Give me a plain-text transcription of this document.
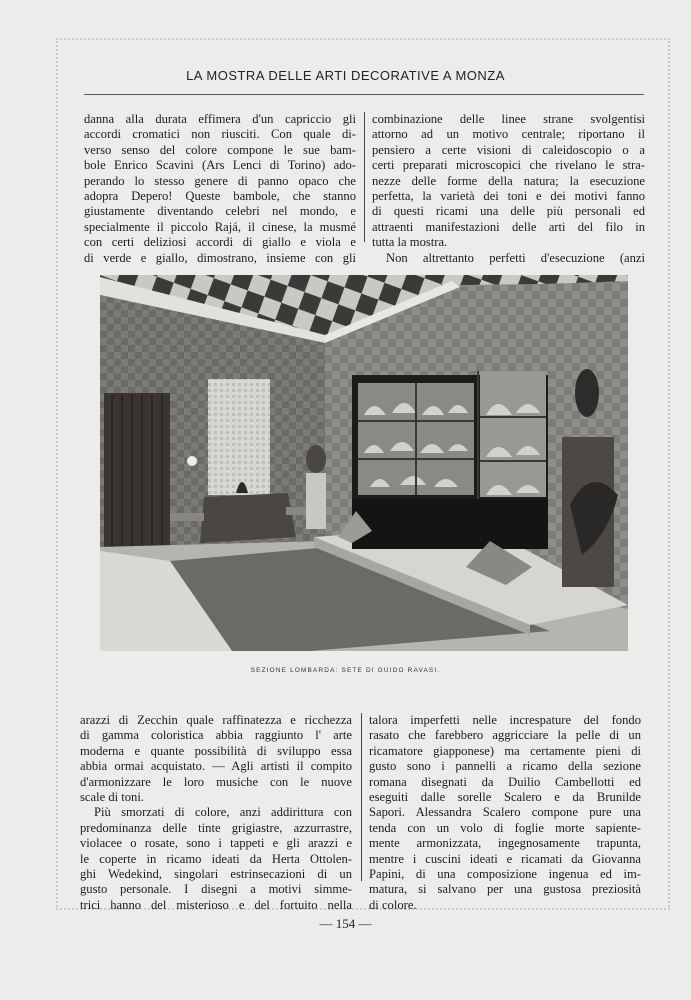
LA MOSTRA DELLE ARTI DECORATIVE A MONZA

danna alla durata effimera d'un capriccio gli

accordi cromatici non riusciti. Con quale di-

verso senso del colore compone le sue bam-

bole Enrico Scavini (Ars Lenci di Torino) ado-

perando lo stesso genere di panno opaco che

adopra Depero! Queste bambole, che stanno

giustamente diventando celebri nel mondo, e

specialmente il piccolo Rajá, il cinese, la musmé

con certi deliziosi accordi di giallo e viola e

di verde e giallo, dimostrano, insieme con gli

combinazione delle linee strane svolgentisi

attorno ad un motivo centrale; riportano il

pensiero a certe visioni di caleidoscopio o a

certi preparati microscopici che rivelano le stra-

nezze delle forme della natura; la esecuzione

perfetta, la varietà dei toni e dei motivi fanno

di questi ricami una delle più personali ed

attraenti manifestazioni delle arti del filo in

tutta la mostra.

Non altrettanto perfetti d'esecuzione (anzi

SEZIONE LOMBARDA: SETE DI GUIDO RAVASI.

arazzi di Zecchin quale raffinatezza e ricchezza

di gamma coloristica abbia raggiunto l' arte

moderna e quante possibilità di sviluppo essa

abbia ormai acquistato. — Agli artisti il compito

d'armonizzare le loro musiche con le nuove

scale di toni.

Più smorzati di colore, anzi addirittura con

predominanza delle tinte grigiastre, azzurrastre,

violacee o rosate, sono i tappeti e gli arazzi e

le coperte in ricamo ideati da Herta Ottolen-

ghi Wedekind, singolari estrinsecazioni di un

gusto personale. I disegni a motivi simme-

trici hanno del misterioso e del fortuito nella

talora imperfetti nelle increspature del fondo

rasato che farebbero aggricciare la pelle di un

ricamatore giapponese) ma certamente pieni di

gusto sono i pannelli a ricamo della sezione

romana disegnati da Duilio Cambellotti ed

eseguiti dalle sorelle Scalero e da Brunilde

Sapori. Alessandra Scalero compone pure una

tenda con un volo di foglie morte sapiente-

mente armonizzata, ingegnosamente trapunta,

mentre i cuscini ideati e ricamati da Giovanna

Papini, di una composizione ingenua ed im-

matura, si salvano per una gustosa preziosità

di colore.

— 154 —
